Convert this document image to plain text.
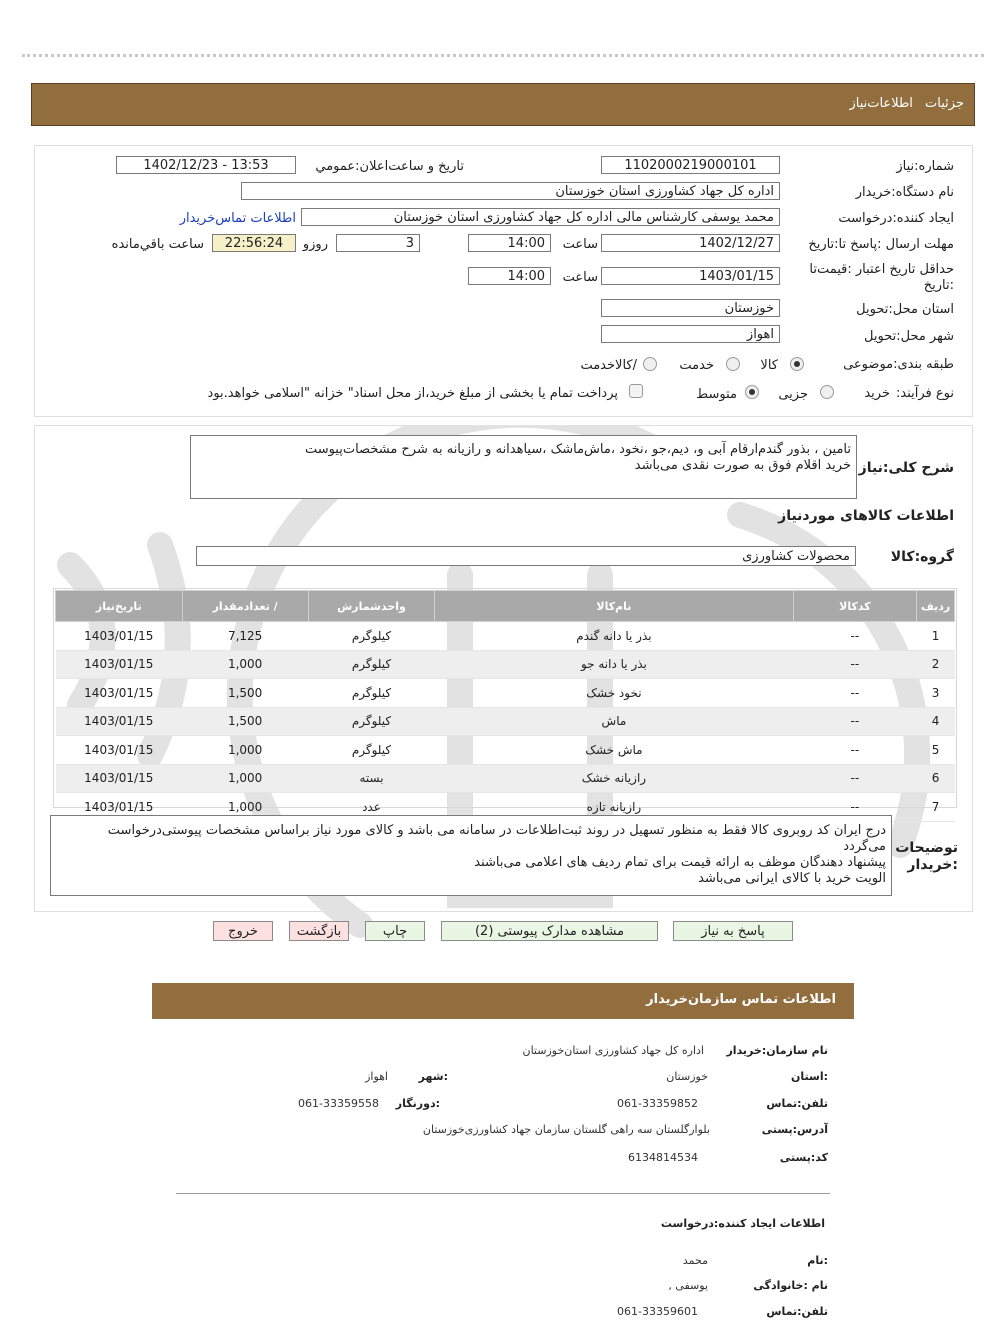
جزئیات اطلاعات‌نیاز
شماره:نیاز
1102000219000101
تاریخ و ساعت‌اعلان:عمومي
1402/12/23 - 13:53
نام دستگاه:خريدار
اداره کل جهاد کشاورزی استان خوزستان
ایجاد کننده:درخواست
محمد یوسفی کارشناس مالی اداره کل جهاد کشاورزی استان خوزستان
اطلاعات تماس‌خریدار
مهلت ارسال :پاسخ تا:تاریخ
1402/12/27
ساعت
14:00
3
روزو
22:56:24
ساعت باقي‌مانده
حداقل تاریخ اعتبار :قیمت‌تا
:تاریخ
1403/01/15
ساعت
14:00
استان محل:تحويل
خوزستان
شهر محل:تحويل
اهواز
طبقه بندی:موضوعی
کالا
خدمت
/کالاخدمت
نوع فرآیند:
خرید
جزیی
متوسط
پرداخت تمام یا بخشی از مبلغ خرید،از محل اسناد" خزانه "اسلامی خواهد.بود
تامین ، بذور گندم‌ارقام آبی و، دیم،جو ،نخود ،ماش‌ماشک ،سیاهدانه و رازیانه به شرح مشخصات‌پیوست
خرید اقلام فوق به صورت نقدی می‌باشد شرح کلی:نیاز
اطلاعات کالاهای موردنیاز
گروه:کالا
محصولات کشاورزی
ردیف	کدکالا	نام‌کالا	واحدشمارش	/ تعدادمقدار	تاریخ‌نیاز
1	--	بذر یا دانه گندم	کیلوگرم	7,125	1403/01/15
2	--	بذر یا دانه جو	کیلوگرم	1,000	1403/01/15
3	--	نخود خشک	کیلوگرم	1,500	1403/01/15
4	--	ماش	کیلوگرم	1,500	1403/01/15
5	--	ماش خشک	کیلوگرم	1,000	1403/01/15
6	--	رازیانه خشک	بسته	1,000	1403/01/15
7	--	رازیانه تازه	عدد	1,000	1403/01/15
درج ایران کد روبروی کالا فقط به منظور تسهیل در روند ثبت‌اطلاعات در سامانه می باشد و کالای مورد نیاز براساس مشخصات پیوستی‌درخواست
می‌گردد
پیشنهاد دهندگان موظف به ارائه قیمت برای تمام ردیف های اعلامی می‌باشند
الویت خرید با کالای ایرانی می‌باشد
توضیحات
:خریدار
پاسخ به نیاز
مشاهده مدارک پیوستی (2)
چاپ
بازگشت
خروج
اطلاعات تماس سازمان‌خریدار
نام سازمان:خریدار
اداره کل جهاد کشاورزی استان‌خوزستان
:استان
خوزستان
:شهر
اهواز
تلفن:تماس
061-33359852
:دورنگار
061-33359558
آدرس:پستی
بلوار‌گلستان سه راهی ‌گلستان سازمان جهاد کشاورزی‌خوزستان
کد:پستی
6134814534
اطلاعات ایجاد کننده:درخواست
:نام
محمد
نام :خانوادگی
یوسفی ,
تلفن:تماس
061-33359601
